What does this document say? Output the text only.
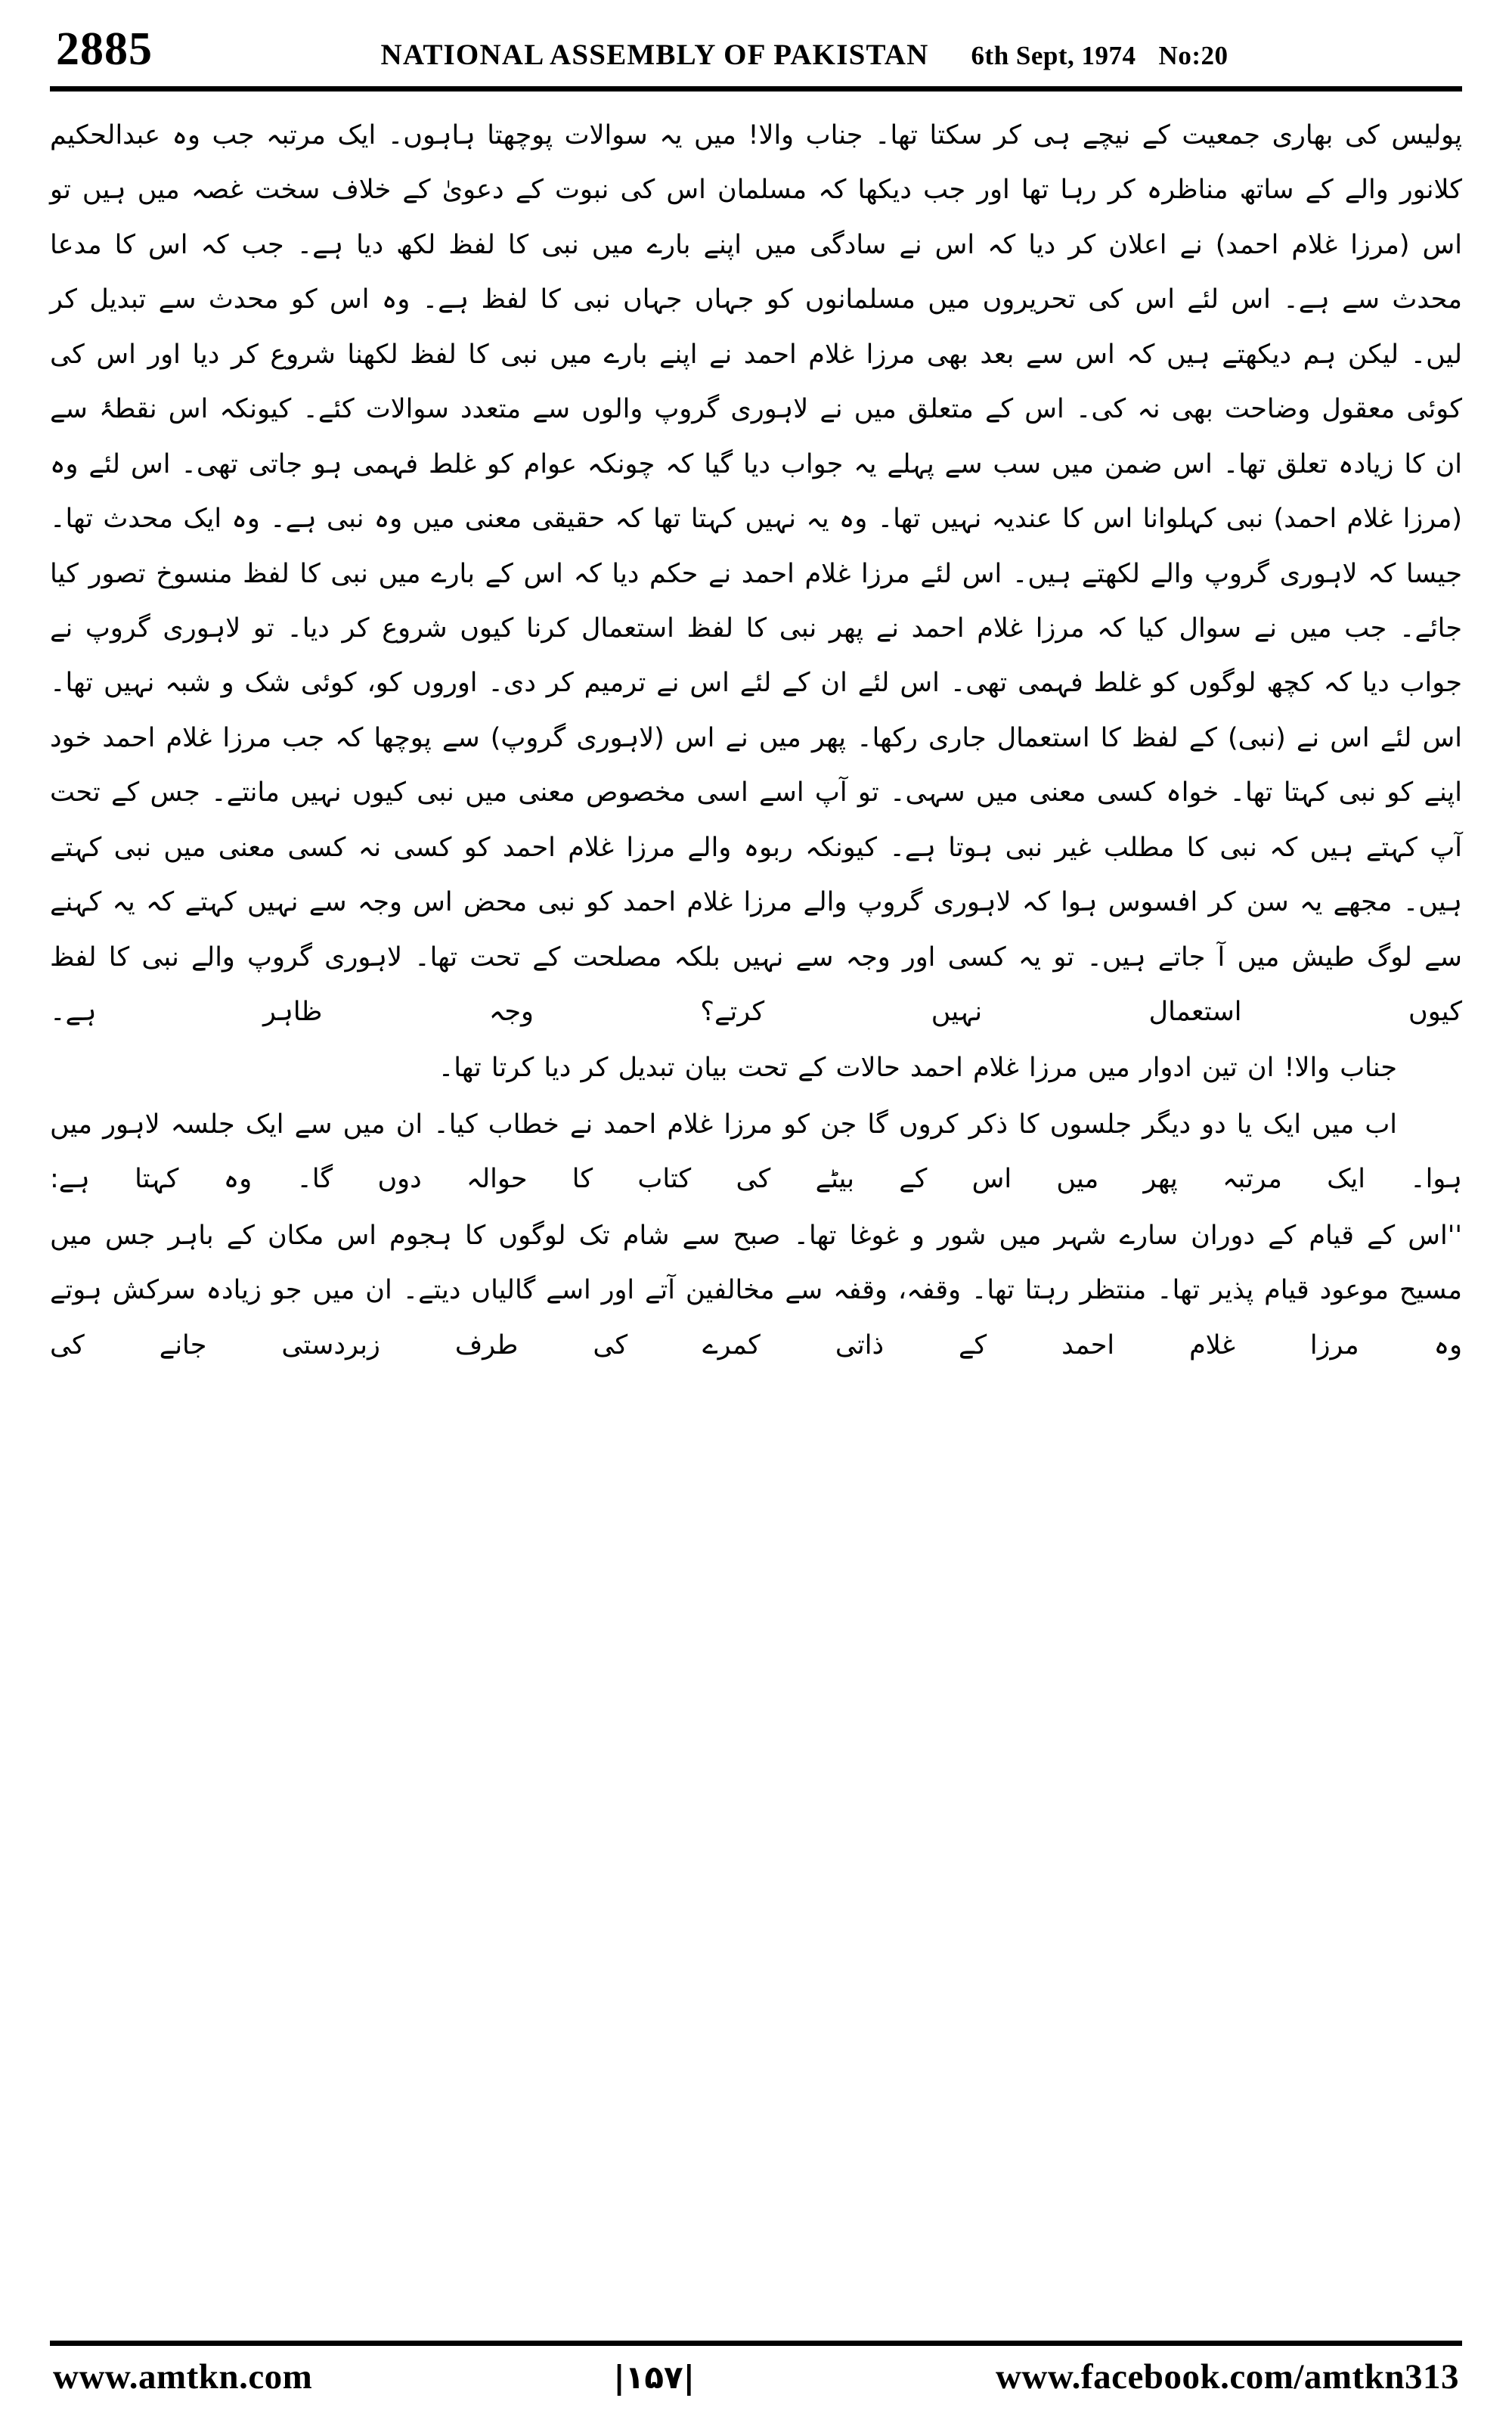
2885	NATIONAL ASSEMBLY OF PAKISTAN 6th Sept, 1974 No:20

پولیس کی بھاری جمعیت کے نیچے ہی کر سکتا تھا۔ جناب والا! میں یہ سوالات پوچھتا ہاہوں۔ ایک مرتبہ جب وہ عبدالحکیم کلانور والے کے ساتھ مناظرہ کر رہا تھا اور جب دیکھا کہ مسلمان اس کی نبوت کے دعویٰ کے خلاف سخت غصہ میں ہیں تو اس (مرزا غلام احمد) نے اعلان کر دیا کہ اس نے سادگی میں اپنے بارے میں نبی کا لفظ لکھ دیا ہے۔ جب کہ اس کا مدعا محدث سے ہے۔ اس لئے اس کی تحریروں میں مسلمانوں کو جہاں جہاں نبی کا لفظ ہے۔ وہ اس کو محدث سے تبدیل کر لیں۔ لیکن ہم دیکھتے ہیں کہ اس سے بعد بھی مرزا غلام احمد نے اپنے بارے میں نبی کا لفظ لکھنا شروع کر دیا اور اس کی کوئی معقول وضاحت بھی نہ کی۔ اس کے متعلق میں نے لاہوری گروپ والوں سے متعدد سوالات کئے۔ کیونکہ اس نقطۂ سے ان کا زیادہ تعلق تھا۔ اس ضمن میں سب سے پہلے یہ جواب دیا گیا کہ چونکہ عوام کو غلط فہمی ہو جاتی تھی۔ اس لئے وہ (مرزا غلام احمد) نبی کہلوانا اس کا عندیہ نہیں تھا۔ وہ یہ نہیں کہتا تھا کہ حقیقی معنی میں وہ نبی ہے۔ وہ ایک محدث تھا۔ جیسا کہ لاہوری گروپ والے لکھتے ہیں۔ اس لئے مرزا غلام احمد نے حکم دیا کہ اس کے بارے میں نبی کا لفظ منسوخ تصور کیا جائے۔ جب میں نے سوال کیا کہ مرزا غلام احمد نے پھر نبی کا لفظ استعمال کرنا کیوں شروع کر دیا۔ تو لاہوری گروپ نے جواب دیا کہ کچھ لوگوں کو غلط فہمی تھی۔ اس لئے ان کے لئے اس نے ترمیم کر دی۔ اوروں کو، کوئی شک و شبہ نہیں تھا۔ اس لئے اس نے (نبی) کے لفظ کا استعمال جاری رکھا۔ پھر میں نے اس (لاہوری گروپ) سے پوچھا کہ جب مرزا غلام احمد خود اپنے کو نبی کہتا تھا۔ خواہ کسی معنی میں سہی۔ تو آپ اسے اسی مخصوص معنی میں نبی کیوں نہیں مانتے۔ جس کے تحت آپ کہتے ہیں کہ نبی کا مطلب غیر نبی ہوتا ہے۔ کیونکہ ربوہ والے مرزا غلام احمد کو کسی نہ کسی معنی میں نبی کہتے ہیں۔ مجھے یہ سن کر افسوس ہوا کہ لاہوری گروپ والے مرزا غلام احمد کو نبی محض اس وجہ سے نہیں کہتے کہ یہ کہنے سے لوگ طیش میں آ جاتے ہیں۔ تو یہ کسی اور وجہ سے نہیں بلکہ مصلحت کے تحت تھا۔ لاہوری گروپ والے نبی کا لفظ کیوں استعمال نہیں کرتے؟ وجہ ظاہر ہے۔

جناب والا! ان تین ادوار میں مرزا غلام احمد حالات کے تحت بیان تبدیل کر دیا کرتا تھا۔

اب میں ایک یا دو دیگر جلسوں کا ذکر کروں گا جن کو مرزا غلام احمد نے خطاب کیا۔ ان میں سے ایک جلسہ لاہور میں ہوا۔ ایک مرتبہ پھر میں اس کے بیٹے کی کتاب کا حوالہ دوں گا۔ وہ کہتا ہے:

''اس کے قیام کے دوران سارے شہر میں شور و غوغا تھا۔ صبح سے شام تک لوگوں کا ہجوم اس مکان کے باہر جس میں مسیح موعود قیام پذیر تھا۔ منتظر رہتا تھا۔ وقفہ، وقفہ سے مخالفین آتے اور اسے گالیاں دیتے۔ ان میں جو زیادہ سرکش ہوتے وہ مرزا غلام احمد کے ذاتی کمرے کی طرف زبردستی جانے کی

www.amtkn.com	|۱۵۷|	www.facebook.com/amtkn313
